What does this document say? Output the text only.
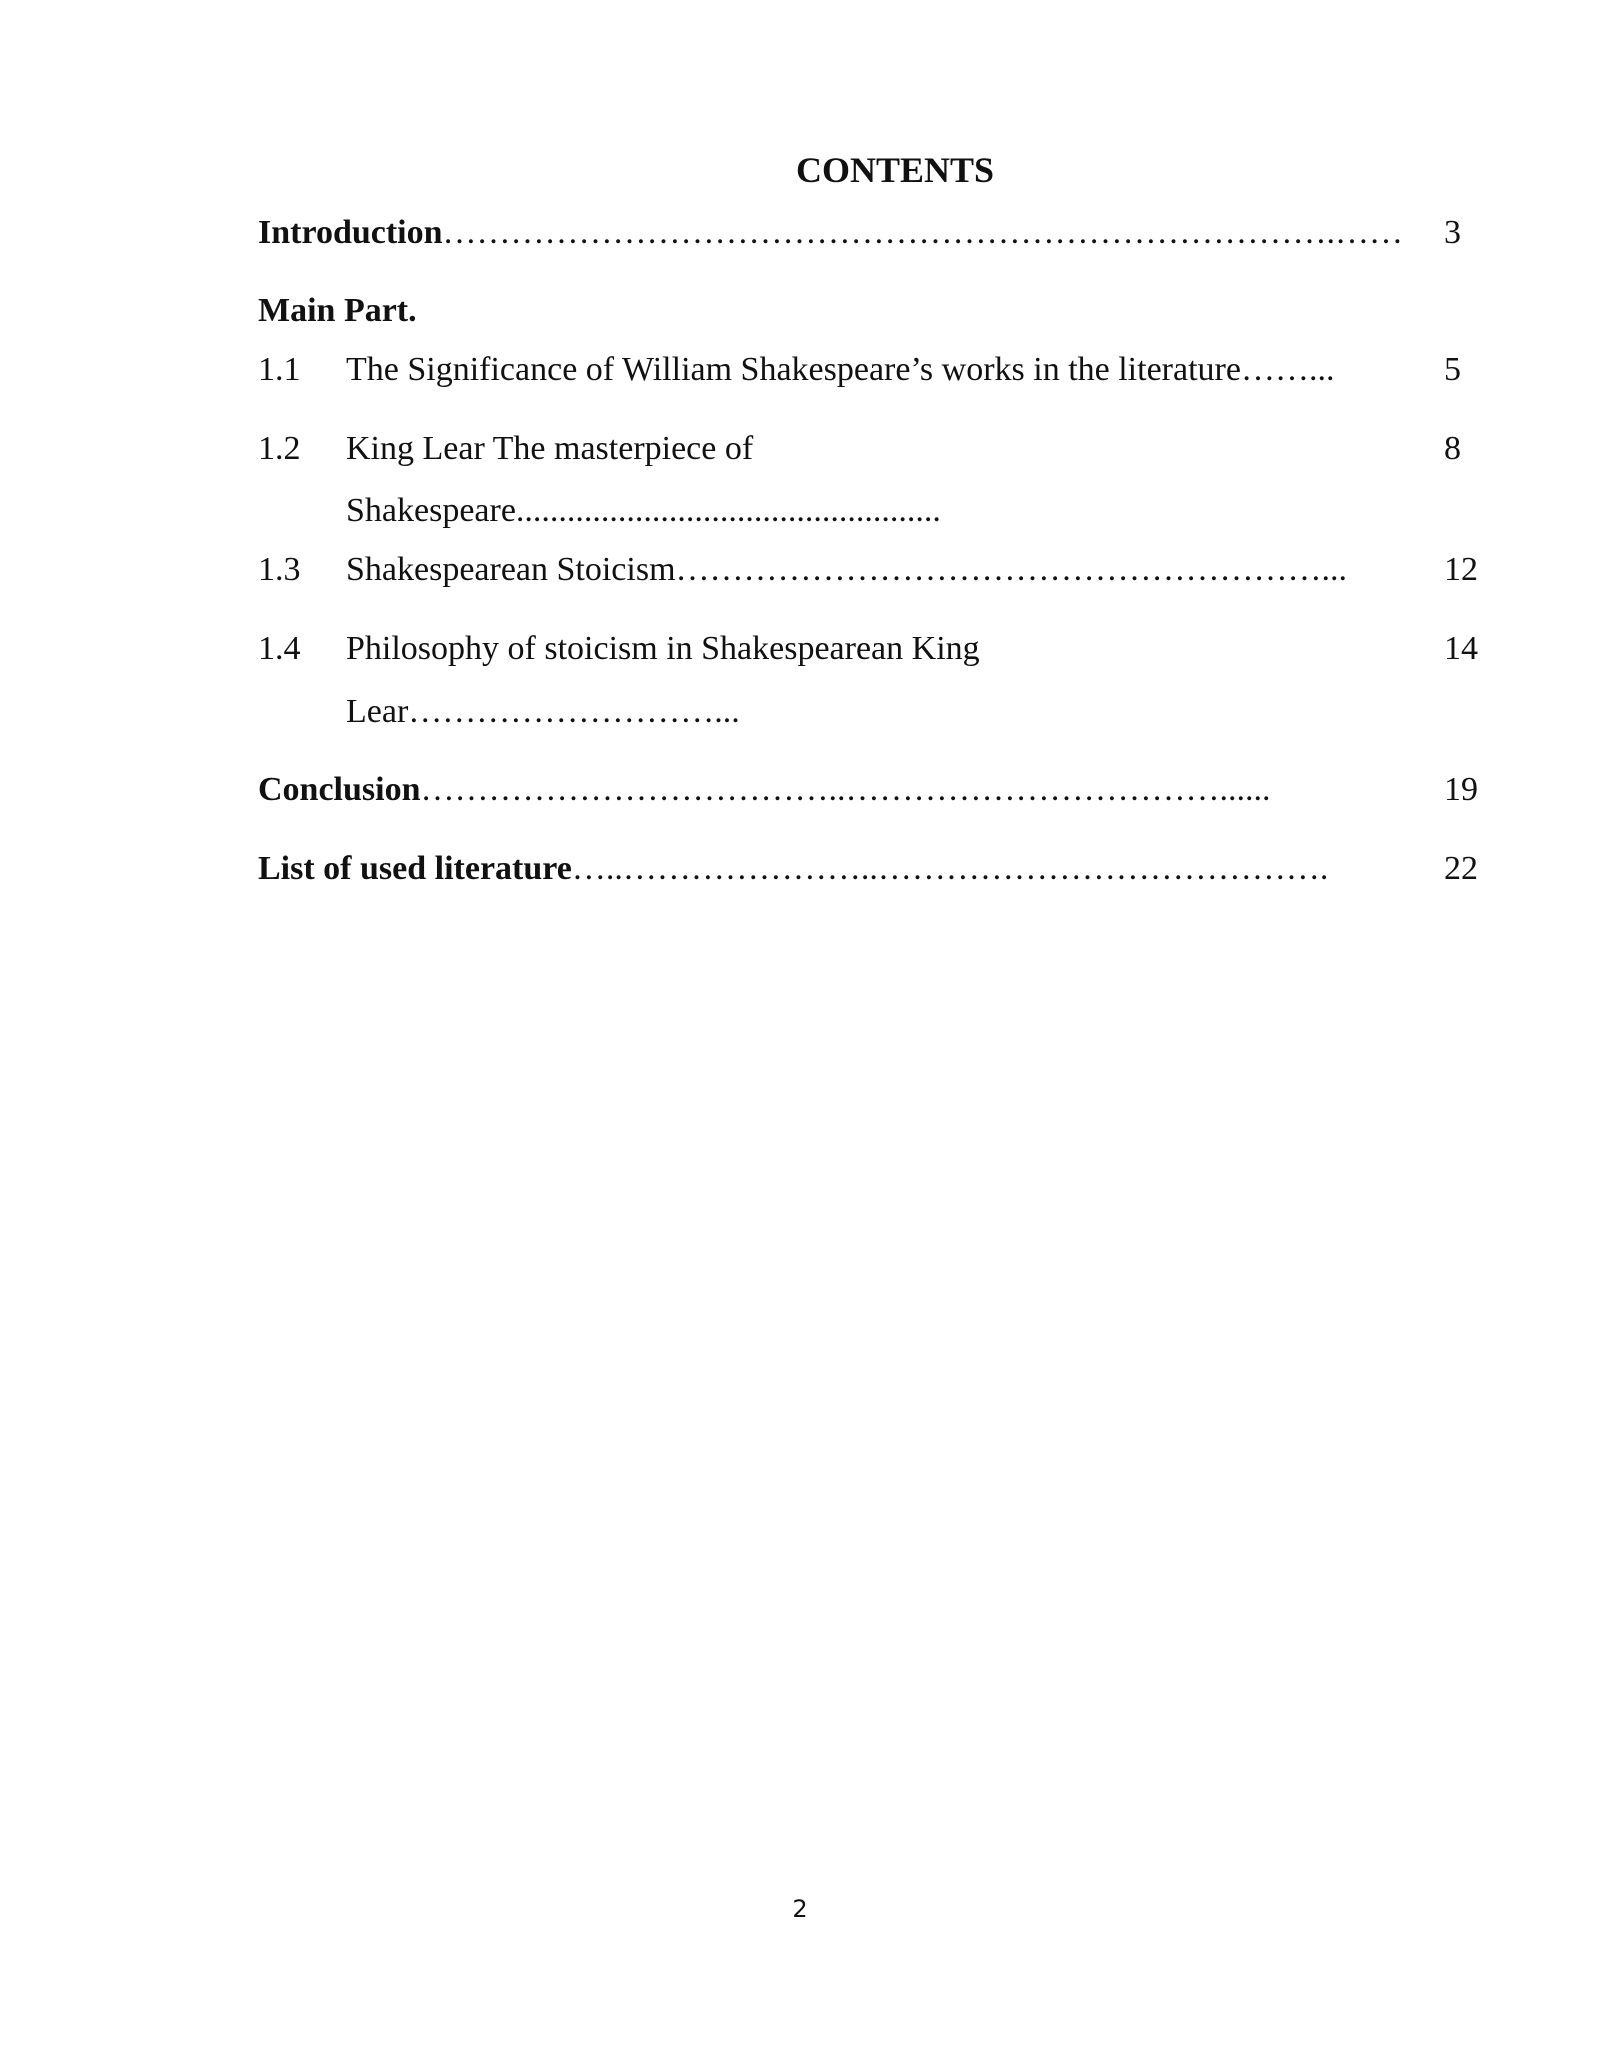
CONTENTS
Introduction…………………………………………………………………….…… 3
Main Part.
1.1 The Significance of William Shakespeare’s works in the literature……...	5
1.2 King Lear The masterpiece of	8
Shakespeare..................................................
1.3 Shakespearean Stoicism…………………………………………………...	12
1.4 Philosophy of stoicism in Shakespearean King	14
Lear………………………...
Conclusion………………………………..……………………………......	19
List of used literature…..…………………..………………………………….	22
2
